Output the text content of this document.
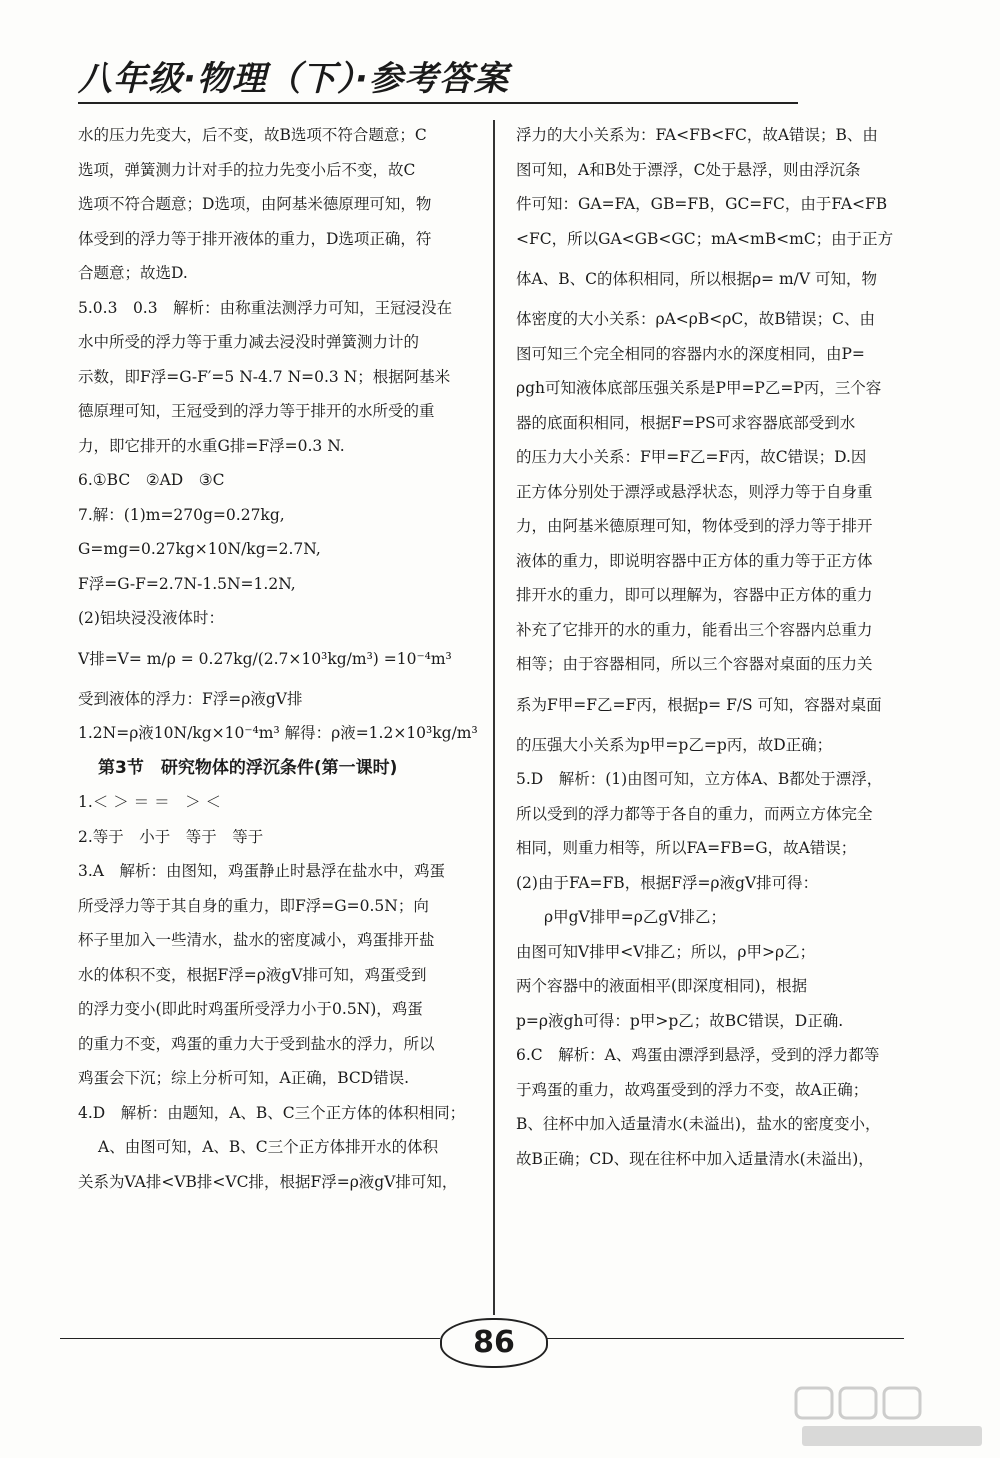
八年级·物理（下）·参考答案

水的压力先变大，后不变，故B选项不符合题意；C

选项，弹簧测力计对手的拉力先变小后不变，故C

选项不符合题意；D选项，由阿基米德原理可知，物

体受到的浮力等于排开液体的重力，D选项正确，符

合题意；故选D.

5.0.3　0.3　解析：由称重法测浮力可知，王冠浸没在

水中所受的浮力等于重力减去浸没时弹簧测力计的

示数，即F浮=G-F′=5 N-4.7 N=0.3 N；根据阿基米

德原理可知，王冠受到的浮力等于排开的水所受的重

力，即它排开的水重G排=F浮=0.3 N.

6.①BC　②AD　③C

7.解：(1)m=270g=0.27kg,

G=mg=0.27kg×10N/kg=2.7N,

F浮=G-F=2.7N-1.5N=1.2N,

(2)铝块浸没液体时：

V排=V= m/ρ = 0.27kg/(2.7×10³kg/m³) =10⁻⁴m³

受到液体的浮力：F浮=ρ液gV排

1.2N=ρ液10N/kg×10⁻⁴m³ 解得：ρ液=1.2×10³kg/m³

第3节　研究物体的浮沉条件(第一课时)

1.＜ ＞ ＝ ＝　＞ ＜

2.等于　小于　等于　等于

3.A　解析：由图知，鸡蛋静止时悬浮在盐水中，鸡蛋

所受浮力等于其自身的重力，即F浮=G=0.5N；向

杯子里加入一些清水，盐水的密度减小，鸡蛋排开盐

水的体积不变，根据F浮=ρ液gV排可知，鸡蛋受到

的浮力变小(即此时鸡蛋所受浮力小于0.5N)，鸡蛋

的重力不变，鸡蛋的重力大于受到盐水的浮力，所以

鸡蛋会下沉；综上分析可知，A正确，BCD错误.

4.D　解析：由题知，A、B、C三个正方体的体积相同；

A、由图可知，A、B、C三个正方体排开水的体积

关系为VA排<VB排<VC排，根据F浮=ρ液gV排可知，

浮力的大小关系为：FA<FB<FC，故A错误；B、由

图可知，A和B处于漂浮，C处于悬浮，则由浮沉条

件可知：GA=FA，GB=FB，GC=FC，由于FA<FB

<FC，所以GA<GB<GC；mA<mB<mC；由于正方

体A、B、C的体积相同，所以根据ρ= m/V 可知，物

体密度的大小关系：ρA<ρB<ρC，故B错误；C、由

图可知三个完全相同的容器内水的深度相同，由P=

ρgh可知液体底部压强关系是P甲=P乙=P丙，三个容

器的底面积相同，根据F=PS可求容器底部受到水

的压力大小关系：F甲=F乙=F丙，故C错误；D.因

正方体分别处于漂浮或悬浮状态，则浮力等于自身重

力，由阿基米德原理可知，物体受到的浮力等于排开

液体的重力，即说明容器中正方体的重力等于正方体

排开水的重力，即可以理解为，容器中正方体的重力

补充了它排开的水的重力，能看出三个容器内总重力

相等；由于容器相同，所以三个容器对桌面的压力关

系为F甲=F乙=F丙，根据p= F/S 可知，容器对桌面

的压强大小关系为p甲=p乙=p丙，故D正确；

5.D　解析：(1)由图可知，立方体A、B都处于漂浮，

所以受到的浮力都等于各自的重力，而两立方体完全

相同，则重力相等，所以FA=FB=G，故A错误；

(2)由于FA=FB，根据F浮=ρ液gV排可得：

ρ甲gV排甲=ρ乙gV排乙；

由图可知V排甲<V排乙；所以，ρ甲>ρ乙；

两个容器中的液面相平(即深度相同)，根据

p=ρ液gh可得：p甲>p乙；故BC错误，D正确.

6.C　解析：A、鸡蛋由漂浮到悬浮，受到的浮力都等

于鸡蛋的重力，故鸡蛋受到的浮力不变，故A正确；

B、往杯中加入适量清水(未溢出)，盐水的密度变小，

故B正确；CD、现在往杯中加入适量清水(未溢出)，

86
